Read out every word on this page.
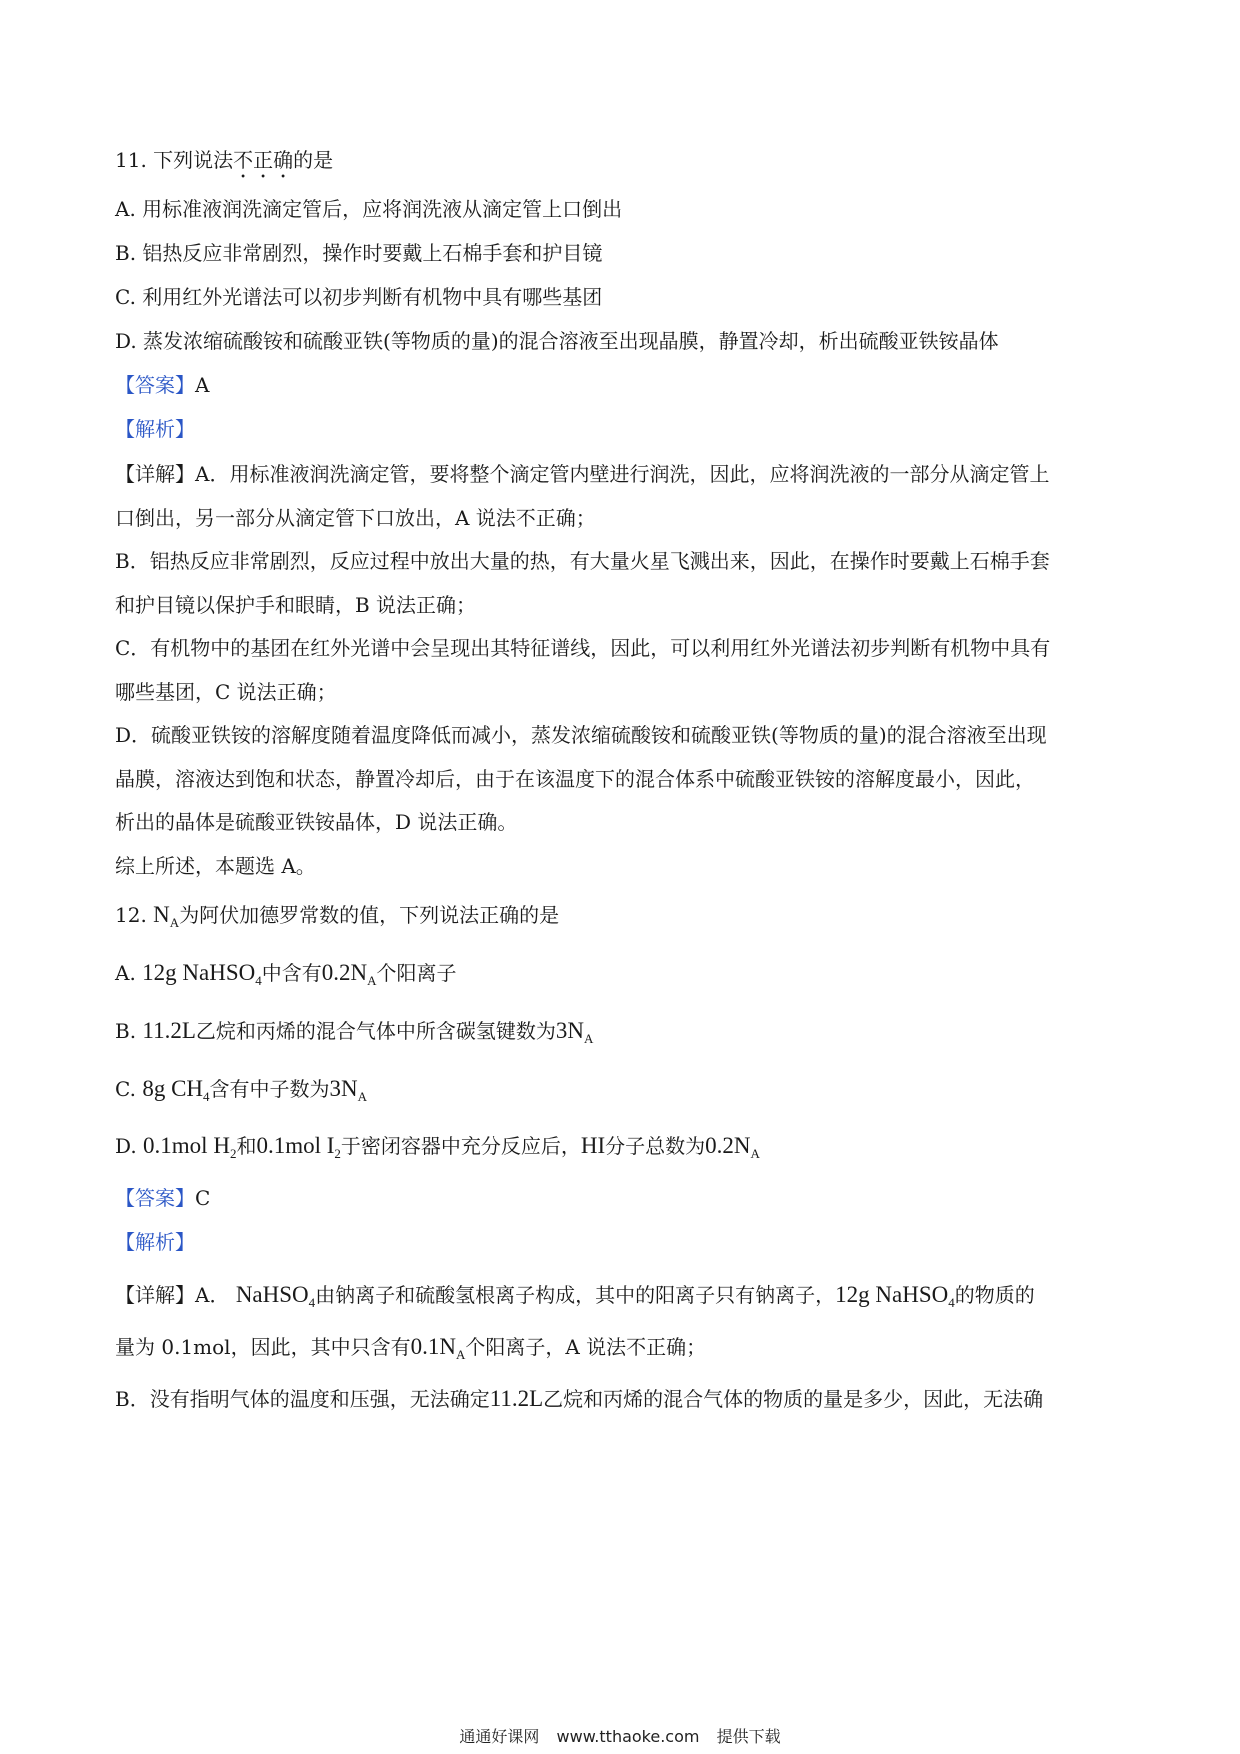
11. 下列说法不正确的是
A. 用标准液润洗滴定管后，应将润洗液从滴定管上口倒出
B. 铝热反应非常剧烈，操作时要戴上石棉手套和护目镜
C. 利用红外光谱法可以初步判断有机物中具有哪些基团
D. 蒸发浓缩硫酸铵和硫酸亚铁(等物质的量)的混合溶液至出现晶膜，静置冷却，析出硫酸亚铁铵晶体
【答案】A
【解析】
【详解】A．用标准液润洗滴定管，要将整个滴定管内壁进行润洗，因此，应将润洗液的一部分从滴定管上
口倒出，另一部分从滴定管下口放出，A 说法不正确；
B．铝热反应非常剧烈，反应过程中放出大量的热，有大量火星飞溅出来，因此，在操作时要戴上石棉手套
和护目镜以保护手和眼睛，B 说法正确；
C．有机物中的基团在红外光谱中会呈现出其特征谱线，因此，可以利用红外光谱法初步判断有机物中具有
哪些基团，C 说法正确；
D．硫酸亚铁铵的溶解度随着温度降低而减小，蒸发浓缩硫酸铵和硫酸亚铁(等物质的量)的混合溶液至出现
晶膜，溶液达到饱和状态，静置冷却后，由于在该温度下的混合体系中硫酸亚铁铵的溶解度最小，因此，
析出的晶体是硫酸亚铁铵晶体，D 说法正确。
综上所述，本题选 A。
12. $N_A$为阿伏加德罗常数的值，下列说法正确的是
A. 12g NaHSO$_4$中含有$0.2N_A$个阳离子
B. 11.2L乙烷和丙烯的混合气体中所含碳氢键数为$3N_A$
C. 8g $CH_4$含有中子数为$3N_A$
D. 0.1mol $H_2$和0.1mol $I_2$于密闭容器中充分反应后，HI分子总数为$0.2N_A$
【答案】C
【解析】
【详解】A． NaHSO$_4$由钠离子和硫酸氢根离子构成，其中的阳离子只有钠离子，12g NaHSO$_4$的物质的
量为 0.1mol，因此，其中只含有$0.1N_A$个阳离子，A 说法不正确；
B．没有指明气体的温度和压强，无法确定11.2L乙烷和丙烯的混合气体的物质的量是多少，因此，无法确
通通好课网 www.tthaoke.com 提供下载
